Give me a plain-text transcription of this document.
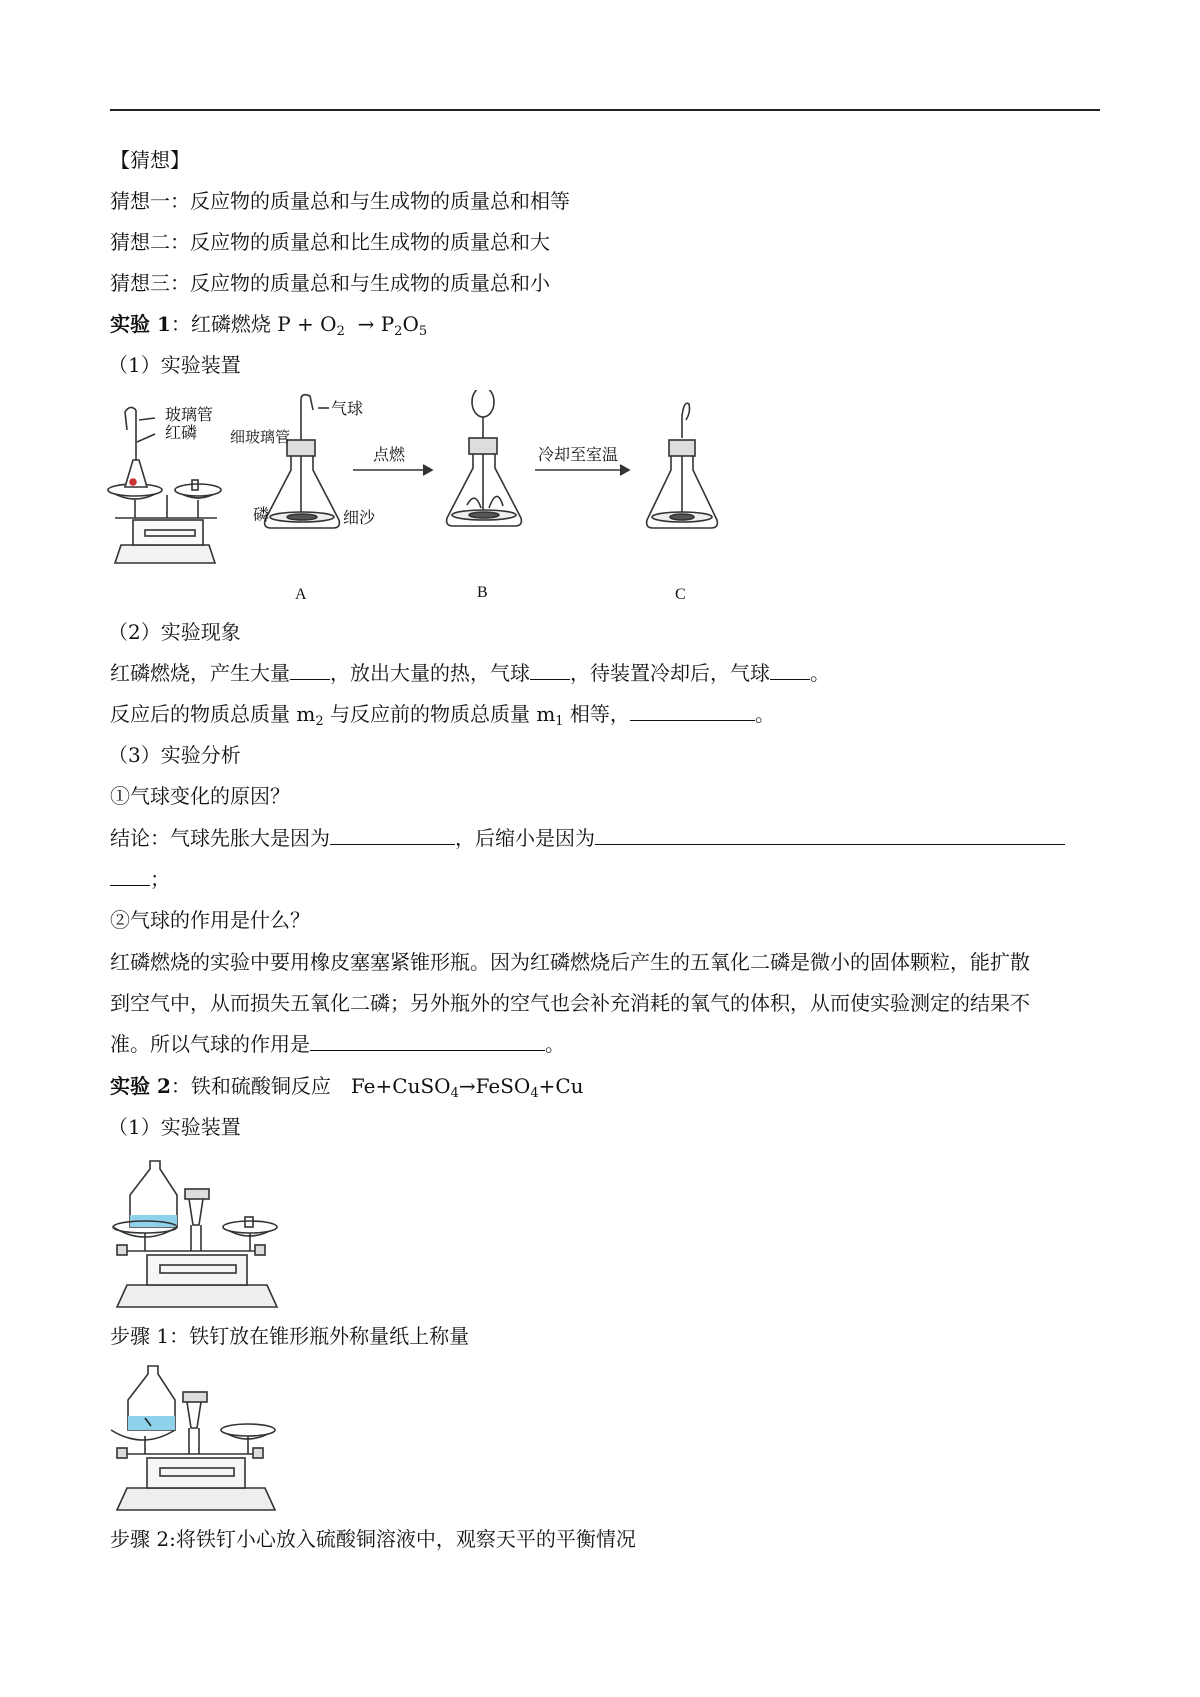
【猜想】
猜想一：反应物的质量总和与生成物的质量总和相等
猜想二：反应物的质量总和比生成物的质量总和大
猜想三：反应物的质量总和与生成物的质量总和小
实验 1：红磷燃烧 $P + O_2 \to P_2O_5$
（1）实验装置
玻璃管
红磷 细玻璃管
气球
点燃	冷却至室温
磷	细沙
A	B	C
（2）实验现象
红磷燃烧，产生大量 ，放出大量的热，气球 ，待装置冷却后，气球 。
反应后的物质总质量 $m_2$ 与反应前的物质总质量 $m_1$ 相等，	。
（3）实验分析
①气球变化的原因？
结论：气球先胀大是因为	，后缩小是因为
；
②气球的作用是什么？
红磷燃烧的实验中要用橡皮塞塞紧锥形瓶。因为红磷燃烧后产生的五氧化二磷是微小的固体颗粒，能扩散
到空气中，从而损失五氧化二磷；另外瓶外的空气也会补充消耗的氧气的体积，从而使实验测定的结果不
准。所以气球的作用是	。
实验 2：铁和硫酸铜反应　Fe+CuSO$_4$→FeSO$_4$+Cu
（1）实验装置
步骤 1：铁钉放在锥形瓶外称量纸上称量
步骤 2:将铁钉小心放入硫酸铜溶液中，观察天平的平衡情况
